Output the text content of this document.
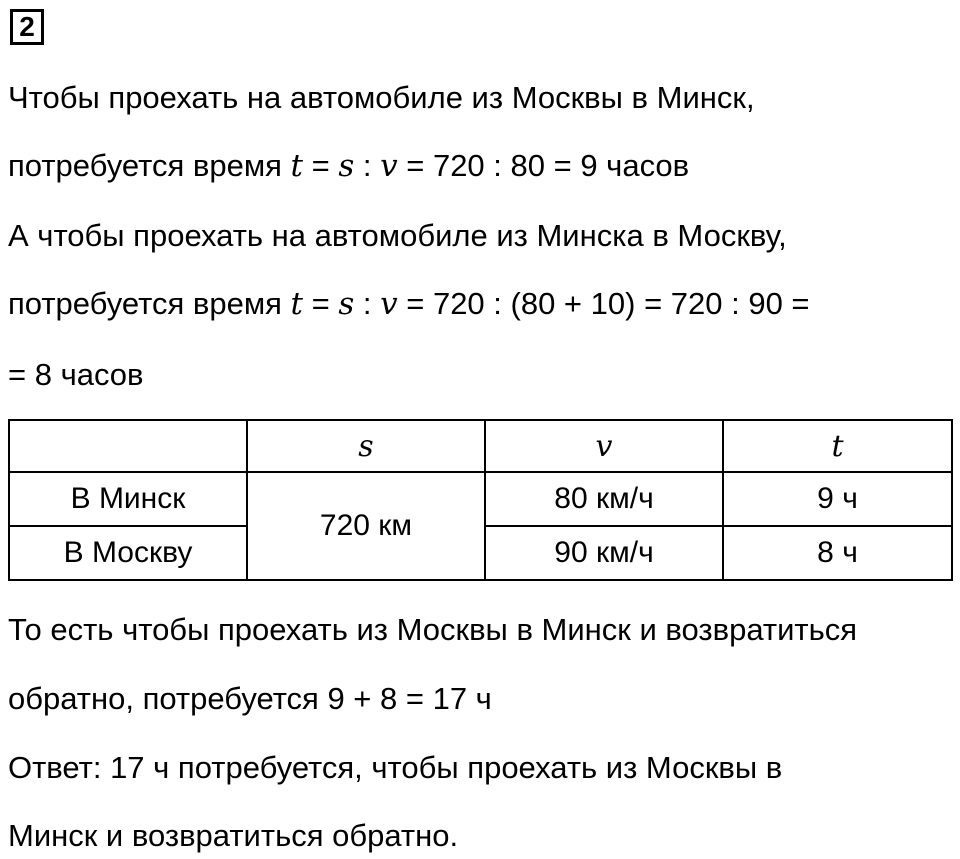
2
Чтобы проехать на автомобиле из Москвы в Минск,
потребуется время t = s : v = 720 : 80 = 9 часов
А чтобы проехать на автомобиле из Минска в Москву,
потребуется время t = s : v = 720 : (80 + 10) = 720 : 90 =
= 8 часов
	s	v	t
В Минск	720 км	80 км/ч	9 ч
В Москву		90 км/ч	8 ч
То есть чтобы проехать из Москвы в Минск и возвратиться
обратно, потребуется 9 + 8 = 17 ч
Ответ: 17 ч потребуется, чтобы проехать из Москвы в
Минск и возвратиться обратно.
